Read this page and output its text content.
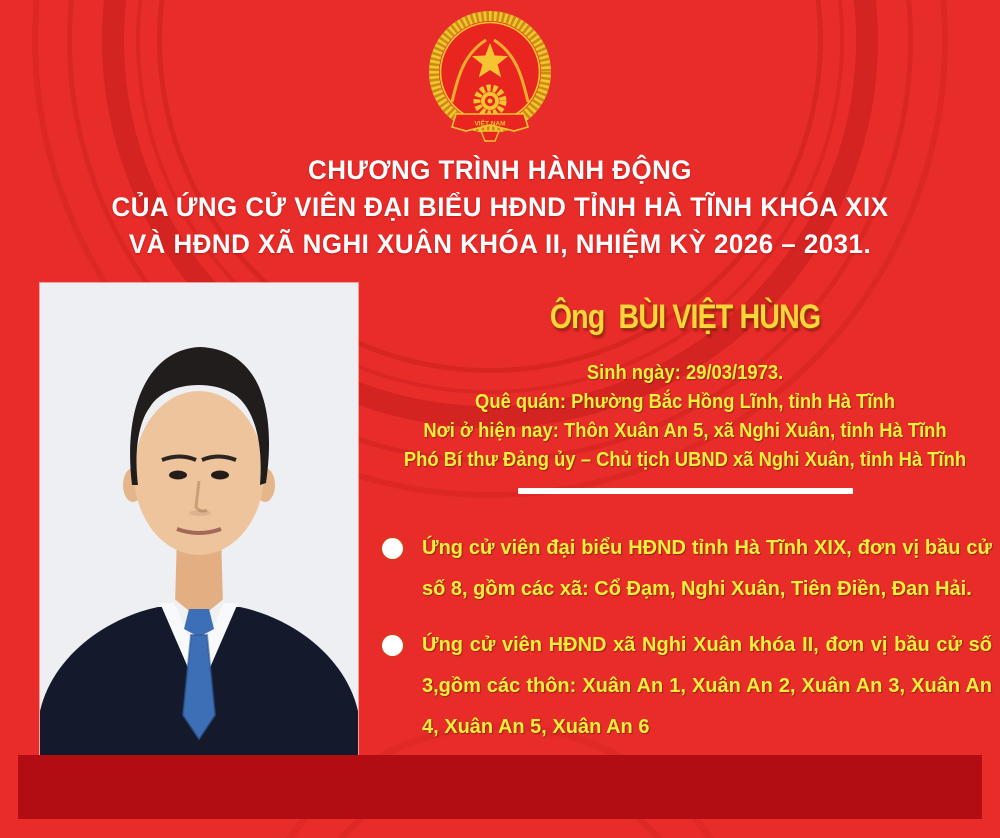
VIỆT NAM
CHƯƠNG TRÌNH HÀNH ĐỘNG
CỦA ỨNG CỬ VIÊN ĐẠI BIỂU HĐND TỈNH HÀ TĨNH KHÓA XIX
VÀ HĐND XÃ NGHI XUÂN KHÓA II, NHIỆM KỲ 2026 – 2031.
Ông  BÙI VIỆT HÙNG
Sinh ngày: 29/03/1973.
Quê quán: Phường Bắc Hồng Lĩnh, tỉnh Hà Tĩnh
Nơi ở hiện nay: Thôn Xuân An 5, xã Nghi Xuân, tỉnh Hà Tĩnh
Phó Bí thư Đảng ủy – Chủ tịch UBND xã Nghi Xuân, tỉnh Hà Tĩnh
Ứng cử viên đại biểu HĐND tỉnh Hà Tĩnh XIX, đơn vị bầu cử số 8, gồm các xã: Cổ Đạm, Nghi Xuân, Tiên Điền, Đan Hải.
Ứng cử viên HĐND xã Nghi Xuân khóa II, đơn vị bầu cử số 3,gồm các thôn: Xuân An 1, Xuân An 2, Xuân An 3, Xuân An 4, Xuân An 5, Xuân An 6
